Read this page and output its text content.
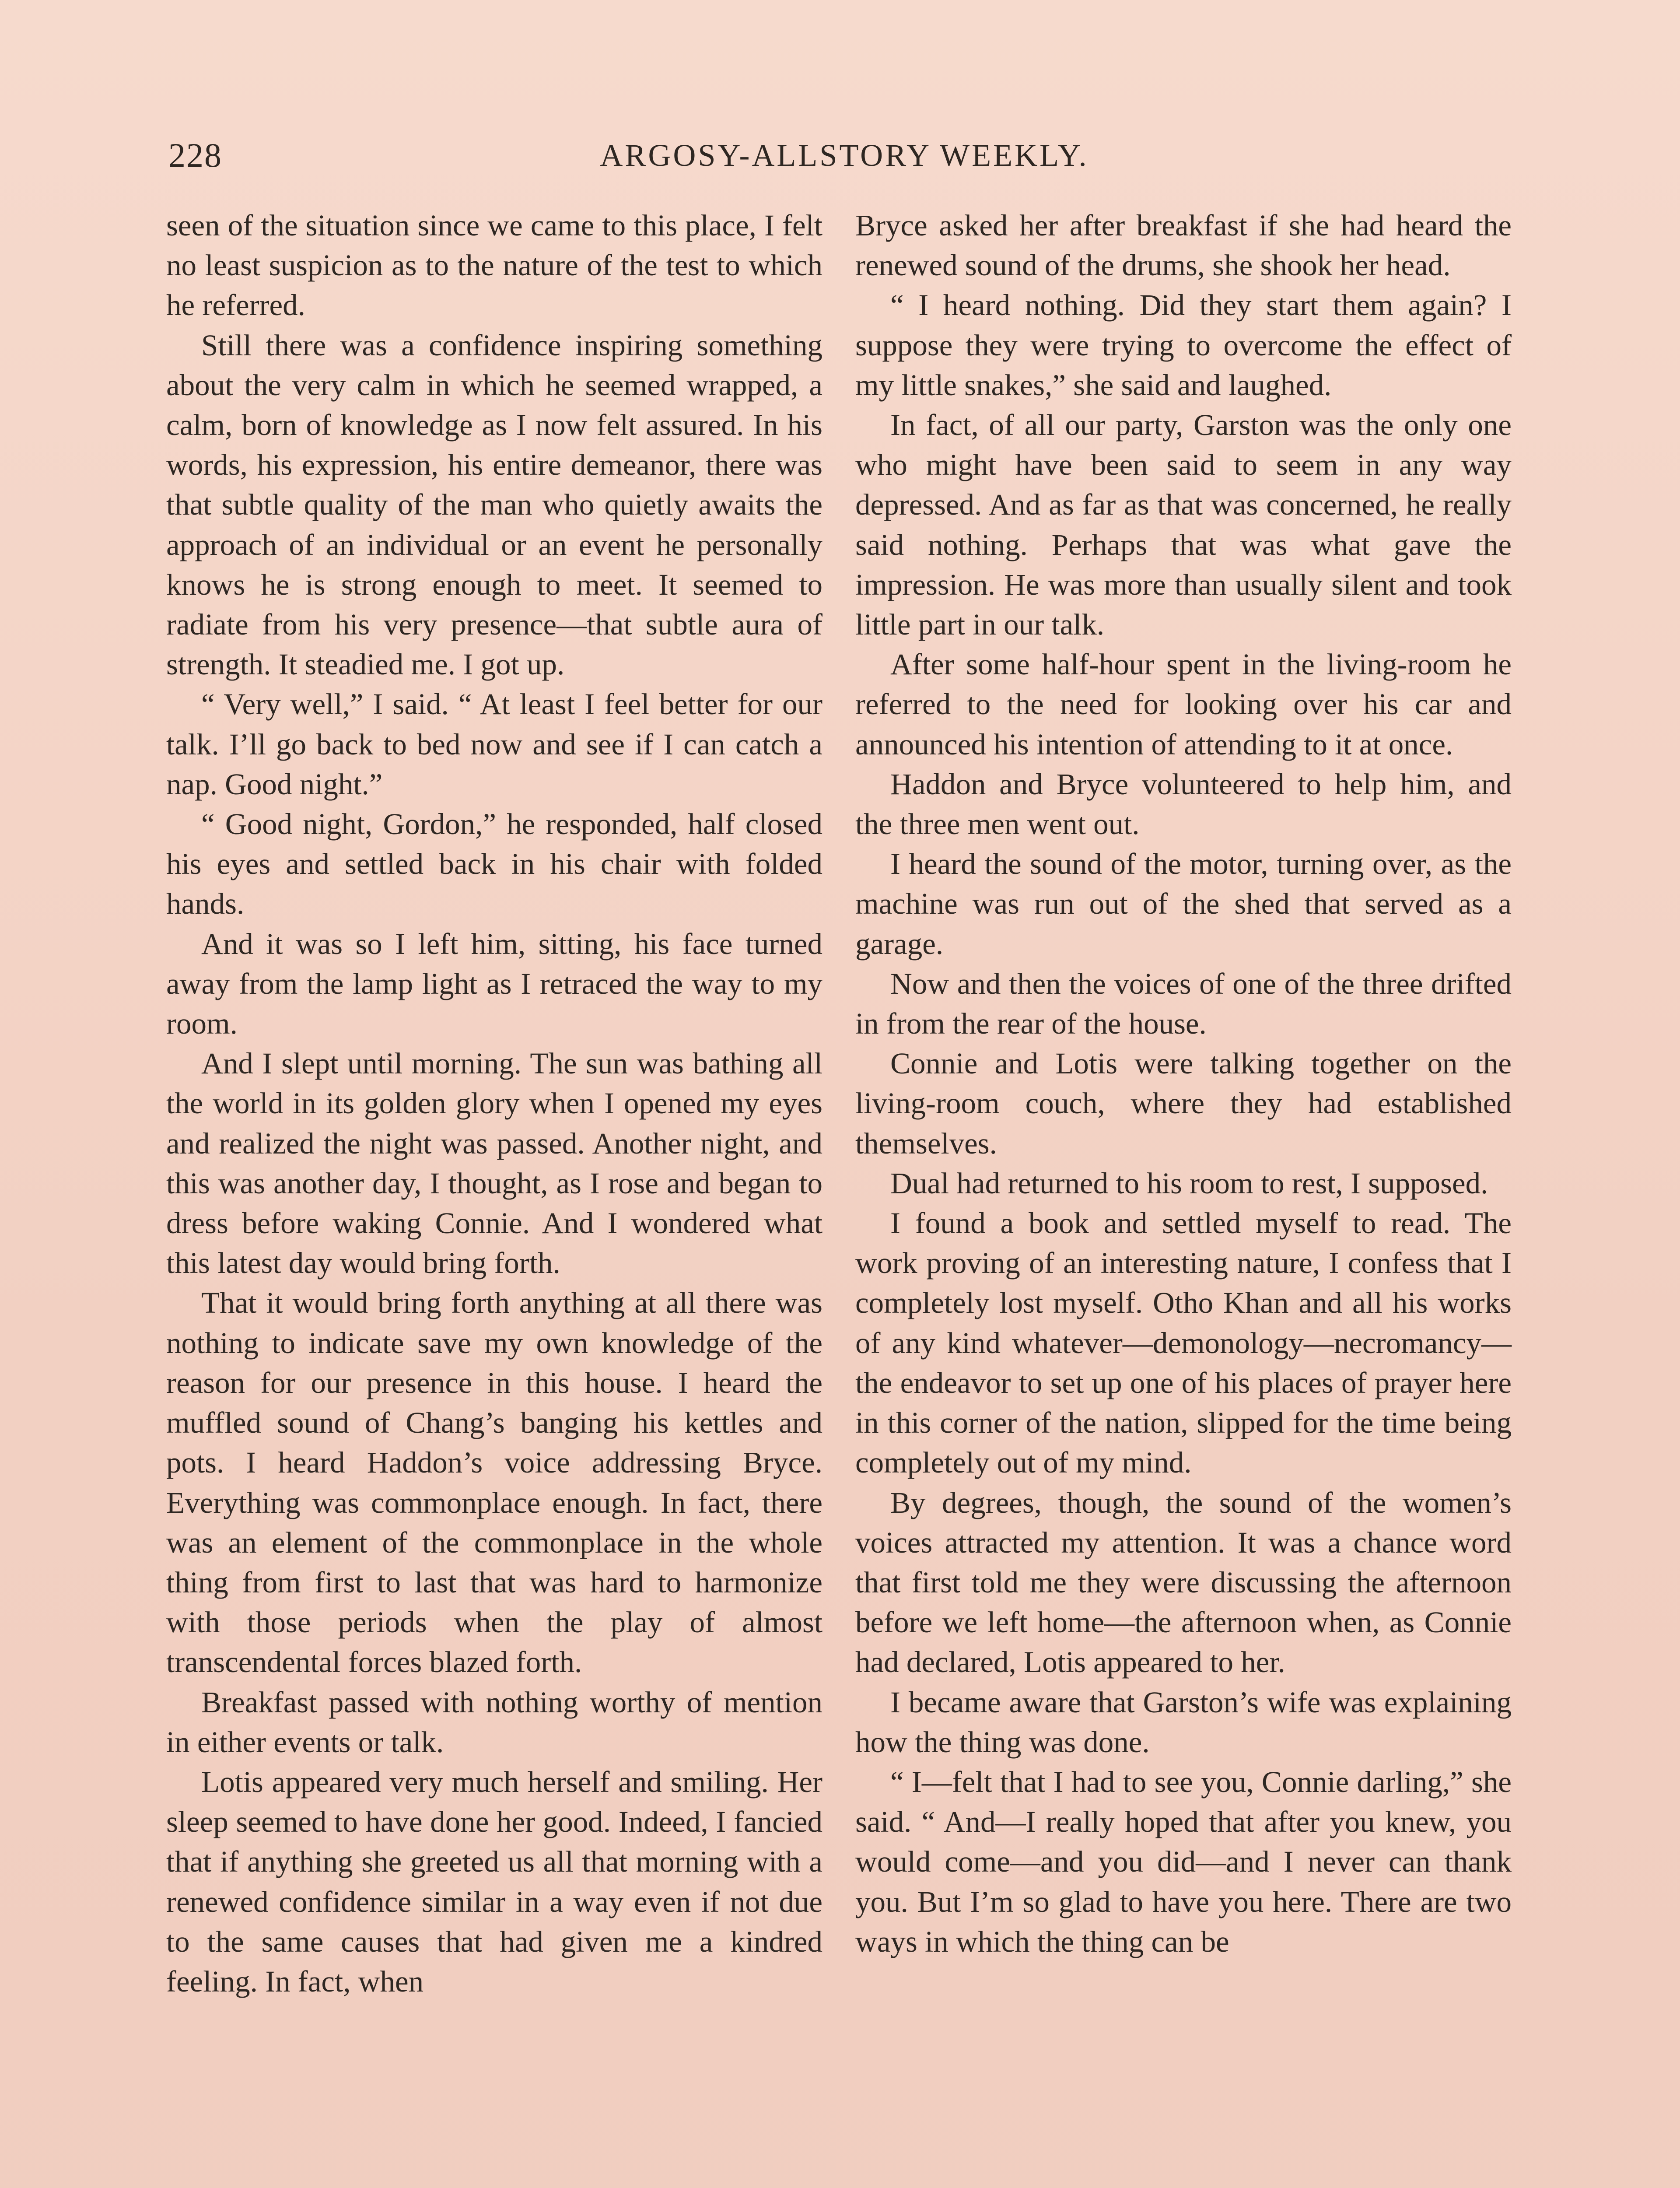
228	ARGOSY-ALLSTORY WEEKLY.

seen of the situation since we came to this place, I felt no least suspicion as to the nature of the test to which he referred.

Still there was a confidence inspiring something about the very calm in which he seemed wrapped, a calm, born of knowledge as I now felt assured. In his words, his expression, his entire demeanor, there was that subtle quality of the man who quietly awaits the approach of an individual or an event he personally knows he is strong enough to meet. It seemed to radiate from his very presence—that subtle aura of strength. It steadied me. I got up.

“ Very well,” I said. “ At least I feel better for our talk. I’ll go back to bed now and see if I can catch a nap. Good night.”

“ Good night, Gordon,” he responded, half closed his eyes and settled back in his chair with folded hands.

And it was so I left him, sitting, his face turned away from the lamp light as I retraced the way to my room.

And I slept until morning. The sun was bathing all the world in its golden glory when I opened my eyes and realized the night was passed. Another night, and this was another day, I thought, as I rose and began to dress before waking Connie. And I wondered what this latest day would bring forth.

That it would bring forth anything at all there was nothing to indicate save my own knowledge of the reason for our presence in this house. I heard the muffled sound of Chang’s banging his kettles and pots. I heard Haddon’s voice addressing Bryce. Everything was commonplace enough. In fact, there was an element of the commonplace in the whole thing from first to last that was hard to harmonize with those periods when the play of almost transcendental forces blazed forth.

Breakfast passed with nothing worthy of mention in either events or talk.

Lotis appeared very much herself and smiling. Her sleep seemed to have done her good. Indeed, I fancied that if anything she greeted us all that morning with a renewed confidence similar in a way even if not due to the same causes that had given me a kindred feeling. In fact, when

Bryce asked her after breakfast if she had heard the renewed sound of the drums, she shook her head.

“ I heard nothing. Did they start them again? I suppose they were trying to overcome the effect of my little snakes,” she said and laughed.

In fact, of all our party, Garston was the only one who might have been said to seem in any way depressed. And as far as that was concerned, he really said nothing. Perhaps that was what gave the impression. He was more than usually silent and took little part in our talk.

After some half-hour spent in the living-room he referred to the need for looking over his car and announced his intention of attending to it at once.

Haddon and Bryce volunteered to help him, and the three men went out.

I heard the sound of the motor, turning over, as the machine was run out of the shed that served as a garage.

Now and then the voices of one of the three drifted in from the rear of the house.

Connie and Lotis were talking together on the living-room couch, where they had established themselves.

Dual had returned to his room to rest, I supposed.

I found a book and settled myself to read. The work proving of an interesting nature, I confess that I completely lost myself. Otho Khan and all his works of any kind whatever—demonology—necromancy—the endeavor to set up one of his places of prayer here in this corner of the nation, slipped for the time being completely out of my mind.

By degrees, though, the sound of the women’s voices attracted my attention. It was a chance word that first told me they were discussing the afternoon before we left home—the afternoon when, as Connie had declared, Lotis appeared to her.

I became aware that Garston’s wife was explaining how the thing was done.

“ I—felt that I had to see you, Connie darling,” she said. “ And—I really hoped that after you knew, you would come—and you did—and I never can thank you. But I’m so glad to have you here. There are two ways in which the thing can be
